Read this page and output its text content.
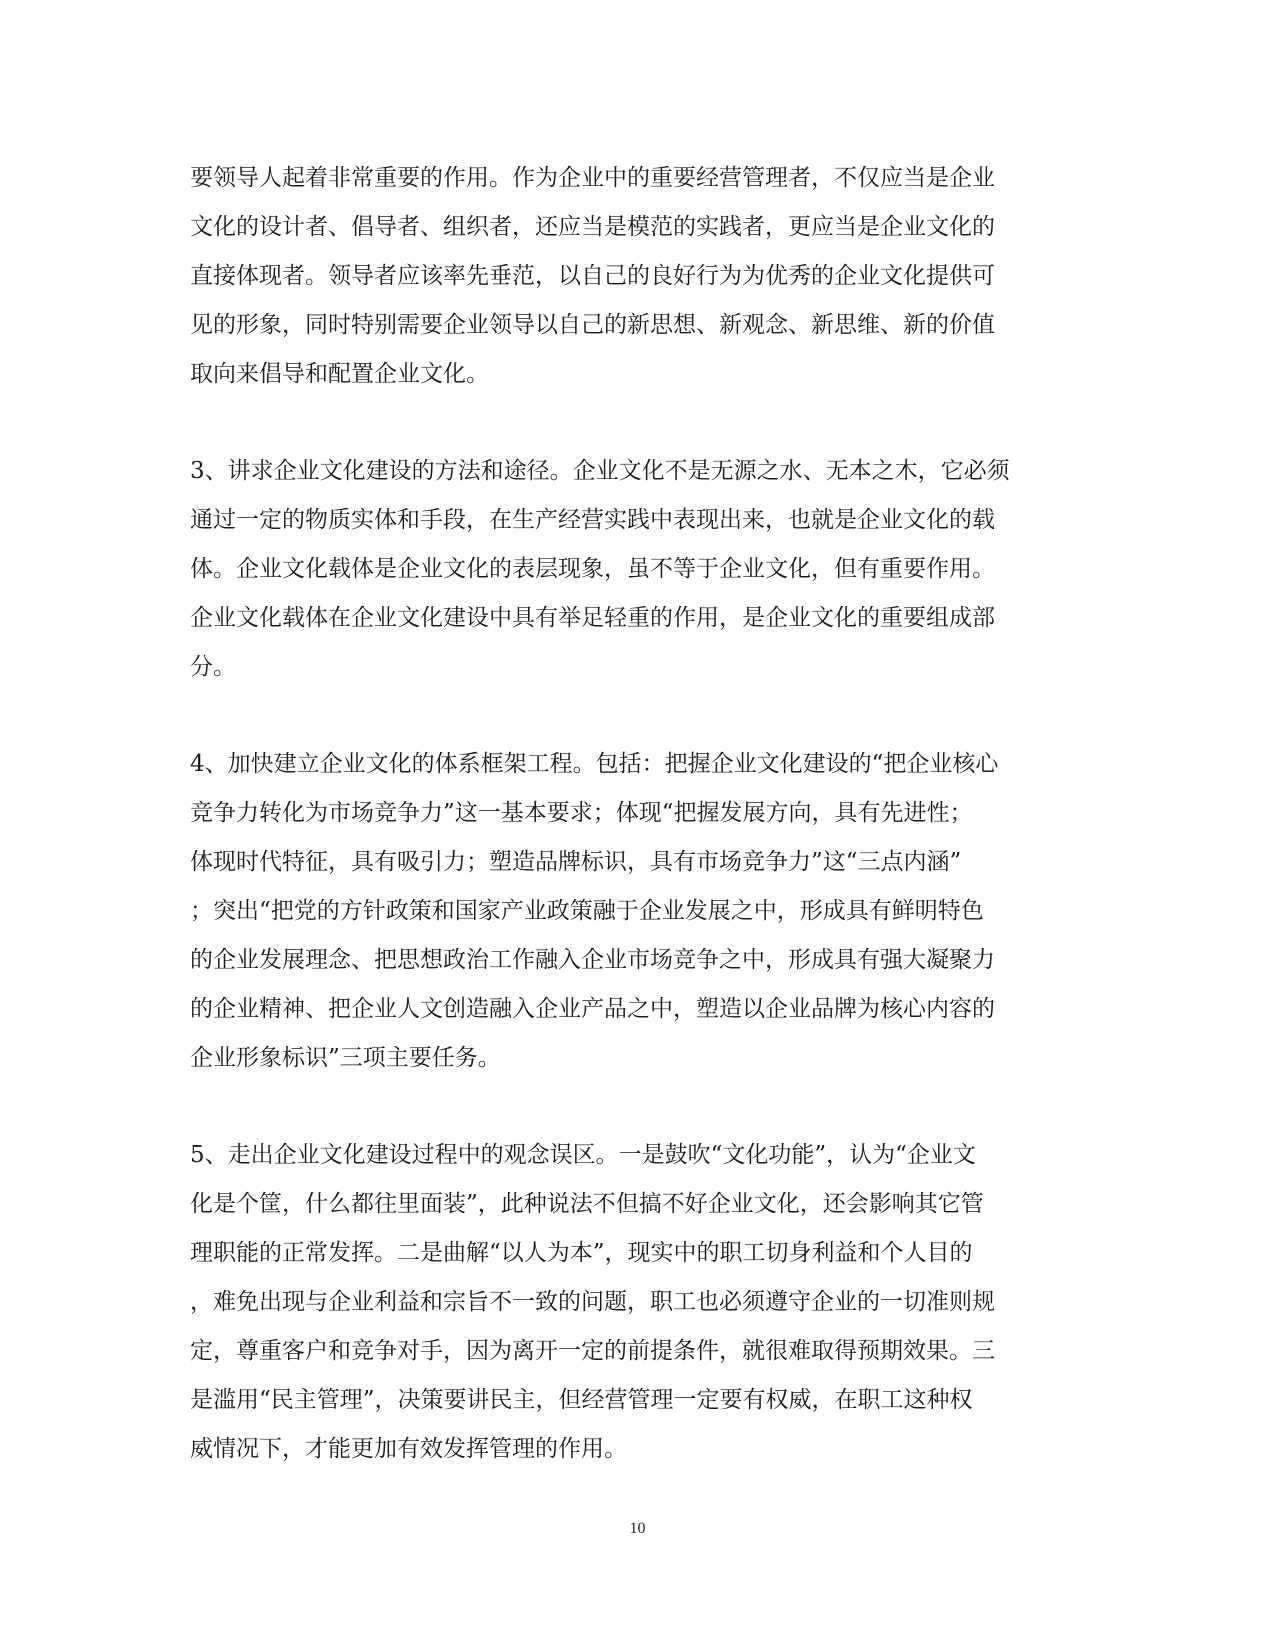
要领导人起着非常重要的作用。作为企业中的重要经营管理者，不仅应当是企业
文化的设计者、倡导者、组织者，还应当是模范的实践者，更应当是企业文化的
直接体现者。领导者应该率先垂范，以自己的良好行为为优秀的企业文化提供可
见的形象，同时特别需要企业领导以自己的新思想、新观念、新思维、新的价值
取向来倡导和配置企业文化。
3、讲求企业文化建设的方法和途径。企业文化不是无源之水、无本之木，它必须
通过一定的物质实体和手段，在生产经营实践中表现出来，也就是企业文化的载
体。企业文化载体是企业文化的表层现象，虽不等于企业文化，但有重要作用。
企业文化载体在企业文化建设中具有举足轻重的作用，是企业文化的重要组成部
分。
4、加快建立企业文化的体系框架工程。包括：把握企业文化建设的“把企业核心
竞争力转化为市场竞争力”这一基本要求；体现“把握发展方向，具有先进性；
体现时代特征，具有吸引力；塑造品牌标识，具有市场竞争力”这“三点内涵”
；突出“把党的方针政策和国家产业政策融于企业发展之中，形成具有鲜明特色
的企业发展理念、把思想政治工作融入企业市场竞争之中，形成具有强大凝聚力
的企业精神、把企业人文创造融入企业产品之中，塑造以企业品牌为核心内容的
企业形象标识”三项主要任务。
5、走出企业文化建设过程中的观念误区。一是鼓吹“文化功能”，认为“企业文
化是个筐，什么都往里面装”，此种说法不但搞不好企业文化，还会影响其它管
理职能的正常发挥。二是曲解“以人为本”，现实中的职工切身利益和个人目的
，难免出现与企业利益和宗旨不一致的问题，职工也必须遵守企业的一切准则规
定，尊重客户和竞争对手，因为离开一定的前提条件，就很难取得预期效果。三
是滥用“民主管理”，决策要讲民主，但经营管理一定要有权威，在职工这种权
威情况下，才能更加有效发挥管理的作用。
10
